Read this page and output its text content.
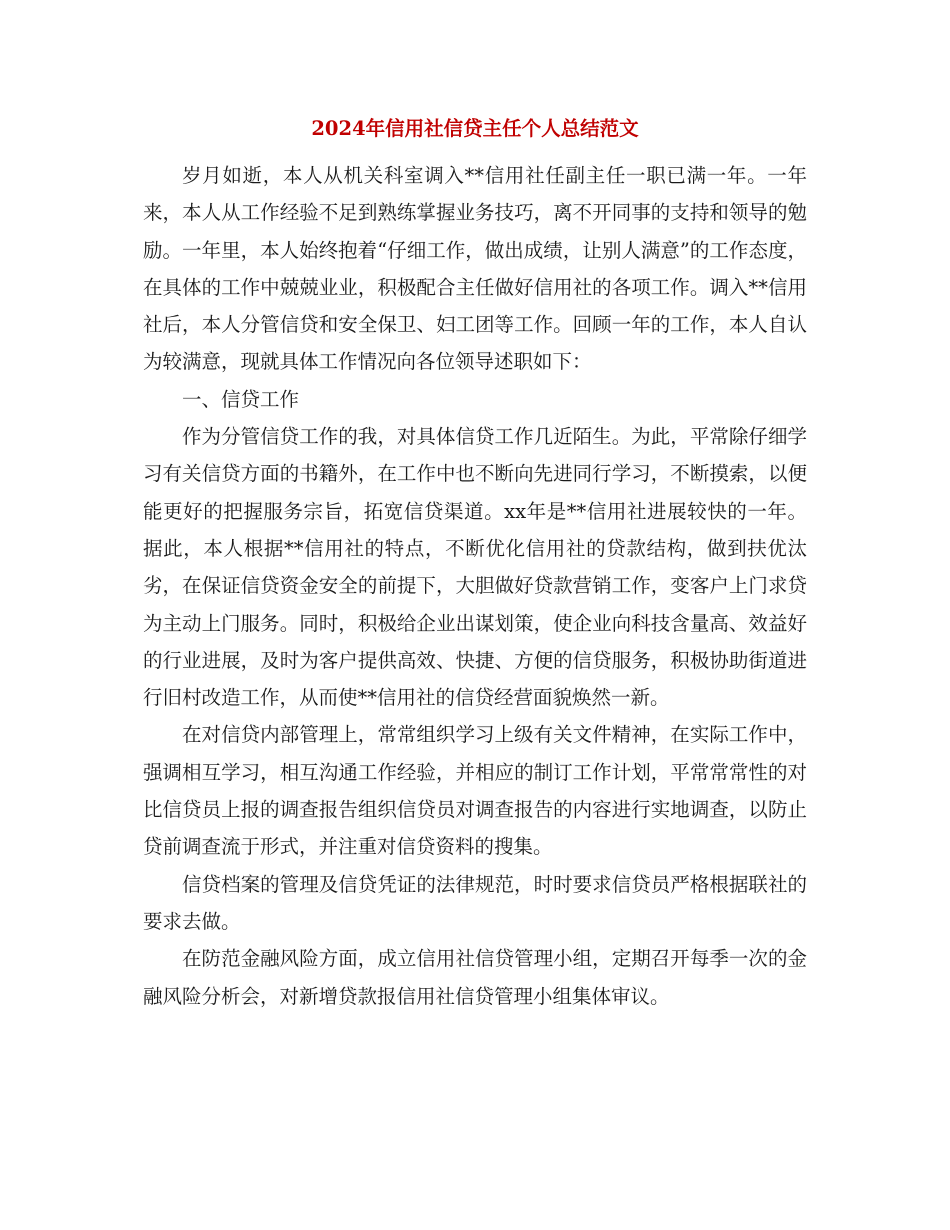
2024年信用社信贷主任个人总结范文

岁月如逝，本人从机关科室调入**信用社任副主任一职已满一年。一年来，本人从工作经验不足到熟练掌握业务技巧，离不开同事的支持和领导的勉励。一年里，本人始终抱着“仔细工作，做出成绩，让别人满意”的工作态度，在具体的工作中兢兢业业，积极配合主任做好信用社的各项工作。调入**信用社后，本人分管信贷和安全保卫、妇工团等工作。回顾一年的工作，本人自认为较满意，现就具体工作情况向各位领导述职如下：

一、信贷工作

作为分管信贷工作的我，对具体信贷工作几近陌生。为此，平常除仔细学习有关信贷方面的书籍外，在工作中也不断向先进同行学习，不断摸索，以便能更好的把握服务宗旨，拓宽信贷渠道。xx年是**信用社进展较快的一年。据此，本人根据**信用社的特点，不断优化信用社的贷款结构，做到扶优汰劣，在保证信贷资金安全的前提下，大胆做好贷款营销工作，变客户上门求贷为主动上门服务。同时，积极给企业出谋划策，使企业向科技含量高、效益好的行业进展，及时为客户提供高效、快捷、方便的信贷服务，积极协助街道进行旧村改造工作，从而使**信用社的信贷经营面貌焕然一新。

在对信贷内部管理上，常常组织学习上级有关文件精神，在实际工作中，强调相互学习，相互沟通工作经验，并相应的制订工作计划，平常常常性的对比信贷员上报的调查报告组织信贷员对调查报告的内容进行实地调查，以防止贷前调查流于形式，并注重对信贷资料的搜集。

信贷档案的管理及信贷凭证的法律规范，时时要求信贷员严格根据联社的要求去做。

在防范金融风险方面，成立信用社信贷管理小组，定期召开每季一次的金融风险分析会，对新增贷款报信用社信贷管理小组集体审议。
